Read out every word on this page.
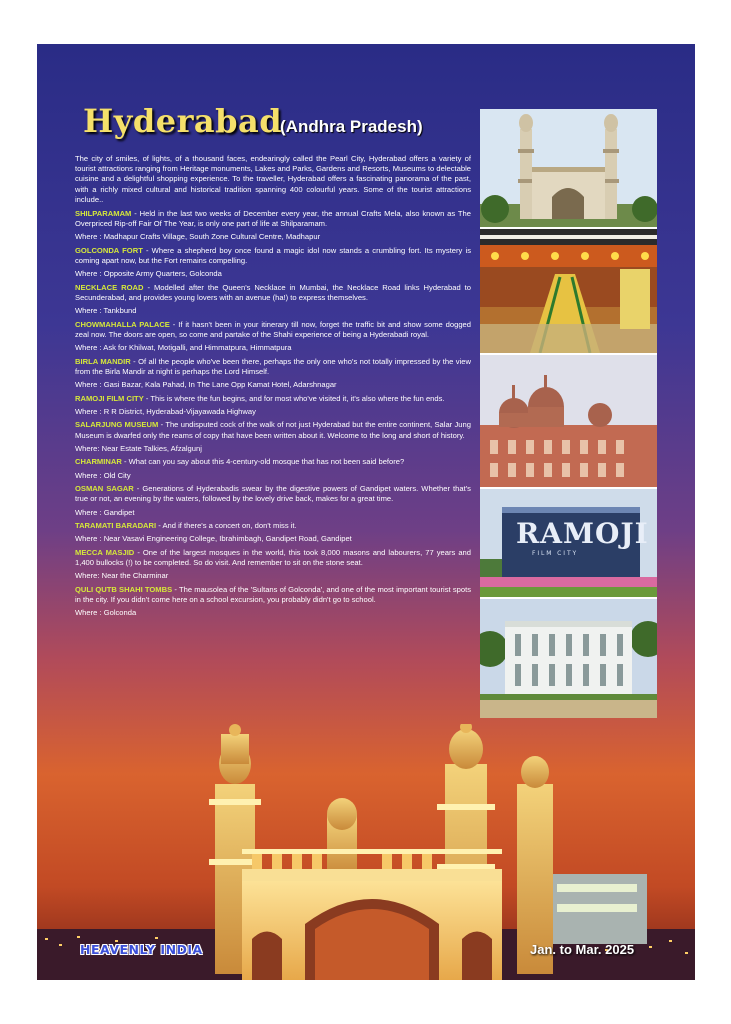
Hyderabad
(Andhra Pradesh)

The city of smiles, of lights, of a thousand faces, endearingly called the Pearl City, Hyderabad offers a variety of tourist attractions ranging from Heritage monuments, Lakes and Parks, Gardens and Resorts, Museums to delectable cuisine and a delightful shopping experience. To the traveller, Hyderabad offers a fascinating panorama of the past, with a richly mixed cultural and historical tradition spanning 400 colourful years. Some of the tourist attractions include..

SHILPARAMAM - Held in the last two weeks of December every year, the annual Crafts Mela, also known as The Overpriced Rip-off Fair Of The Year, is only one part of life at Shilparamam.

Where : Madhapur Crafts Village, South Zone Cultural Centre, Madhapur

GOLCONDA FORT - Where a shepherd boy once found a magic idol now stands a crumbling fort. Its mystery is coming apart now, but the Fort remains compelling.

Where : Opposite Army Quarters, Golconda

NECKLACE ROAD - Modelled after the Queen's Necklace in Mumbai, the Necklace Road links Hyderabad to Secunderabad, and provides young lovers with an avenue (ha!) to express themselves.

Where : Tankbund

CHOWMAHALLA PALACE - If it hasn't been in your itinerary till now, forget the traffic bit and show some dogged zeal now. The doors are open, so come and partake of the Shahi experience of being a Hyderabadi royal.

Where : Ask for Khilwat, Motigalli, and Himmatpura, Himmatpura

BIRLA MANDIR - Of all the people who've been there, perhaps the only one who's not totally impressed by the view from the Birla Mandir at night is perhaps the Lord Himself.

Where : Gasi Bazar, Kala Pahad, In The Lane Opp Kamat Hotel, Adarshnagar

RAMOJI FILM CITY - This is where the fun begins, and for most who've visited it, it's also where the fun ends.

Where : R R District, Hyderabad-Vijayawada Highway

SALARJUNG MUSEUM - The undisputed cock of the walk of not just Hyderabad but the entire continent, Salar Jung Museum is dwarfed only the reams of copy that have been written about it. Welcome to the long and short of history.

Where: Near Estate Talkies, Afzalgunj

CHARMINAR - What can you say about this 4-century-old mosque that has not been said before?

Where : Old City

OSMAN SAGAR - Generations of Hyderabadis swear by the digestive powers of Gandipet waters. Whether that's true or not, an evening by the waters, followed by the lovely drive back, makes for a great time.

Where : Gandipet

TARAMATI BARADARI - And if there's a concert on, don't miss it.

Where : Near Vasavi Engineering College, Ibrahimbagh, Gandipet Road, Gandipet

MECCA MASJID - One of the largest mosques in the world, this took 8,000 masons and labourers, 77 years and 1,400 bullocks (!) to be completed. So do visit. And remember to sit on the stone seat.

Where: Near the Charminar

QULI QUTB SHAHI TOMBS - The mausolea of the 'Sultans of Golconda', and one of the most important tourist spots in the city. If you didn't come here on a school excursion, you probably didn't go to school.

Where : Golconda

RAMOJI
F I L M   C I T Y
HEAVENLY INDIA	Jan. to Mar. 2025
